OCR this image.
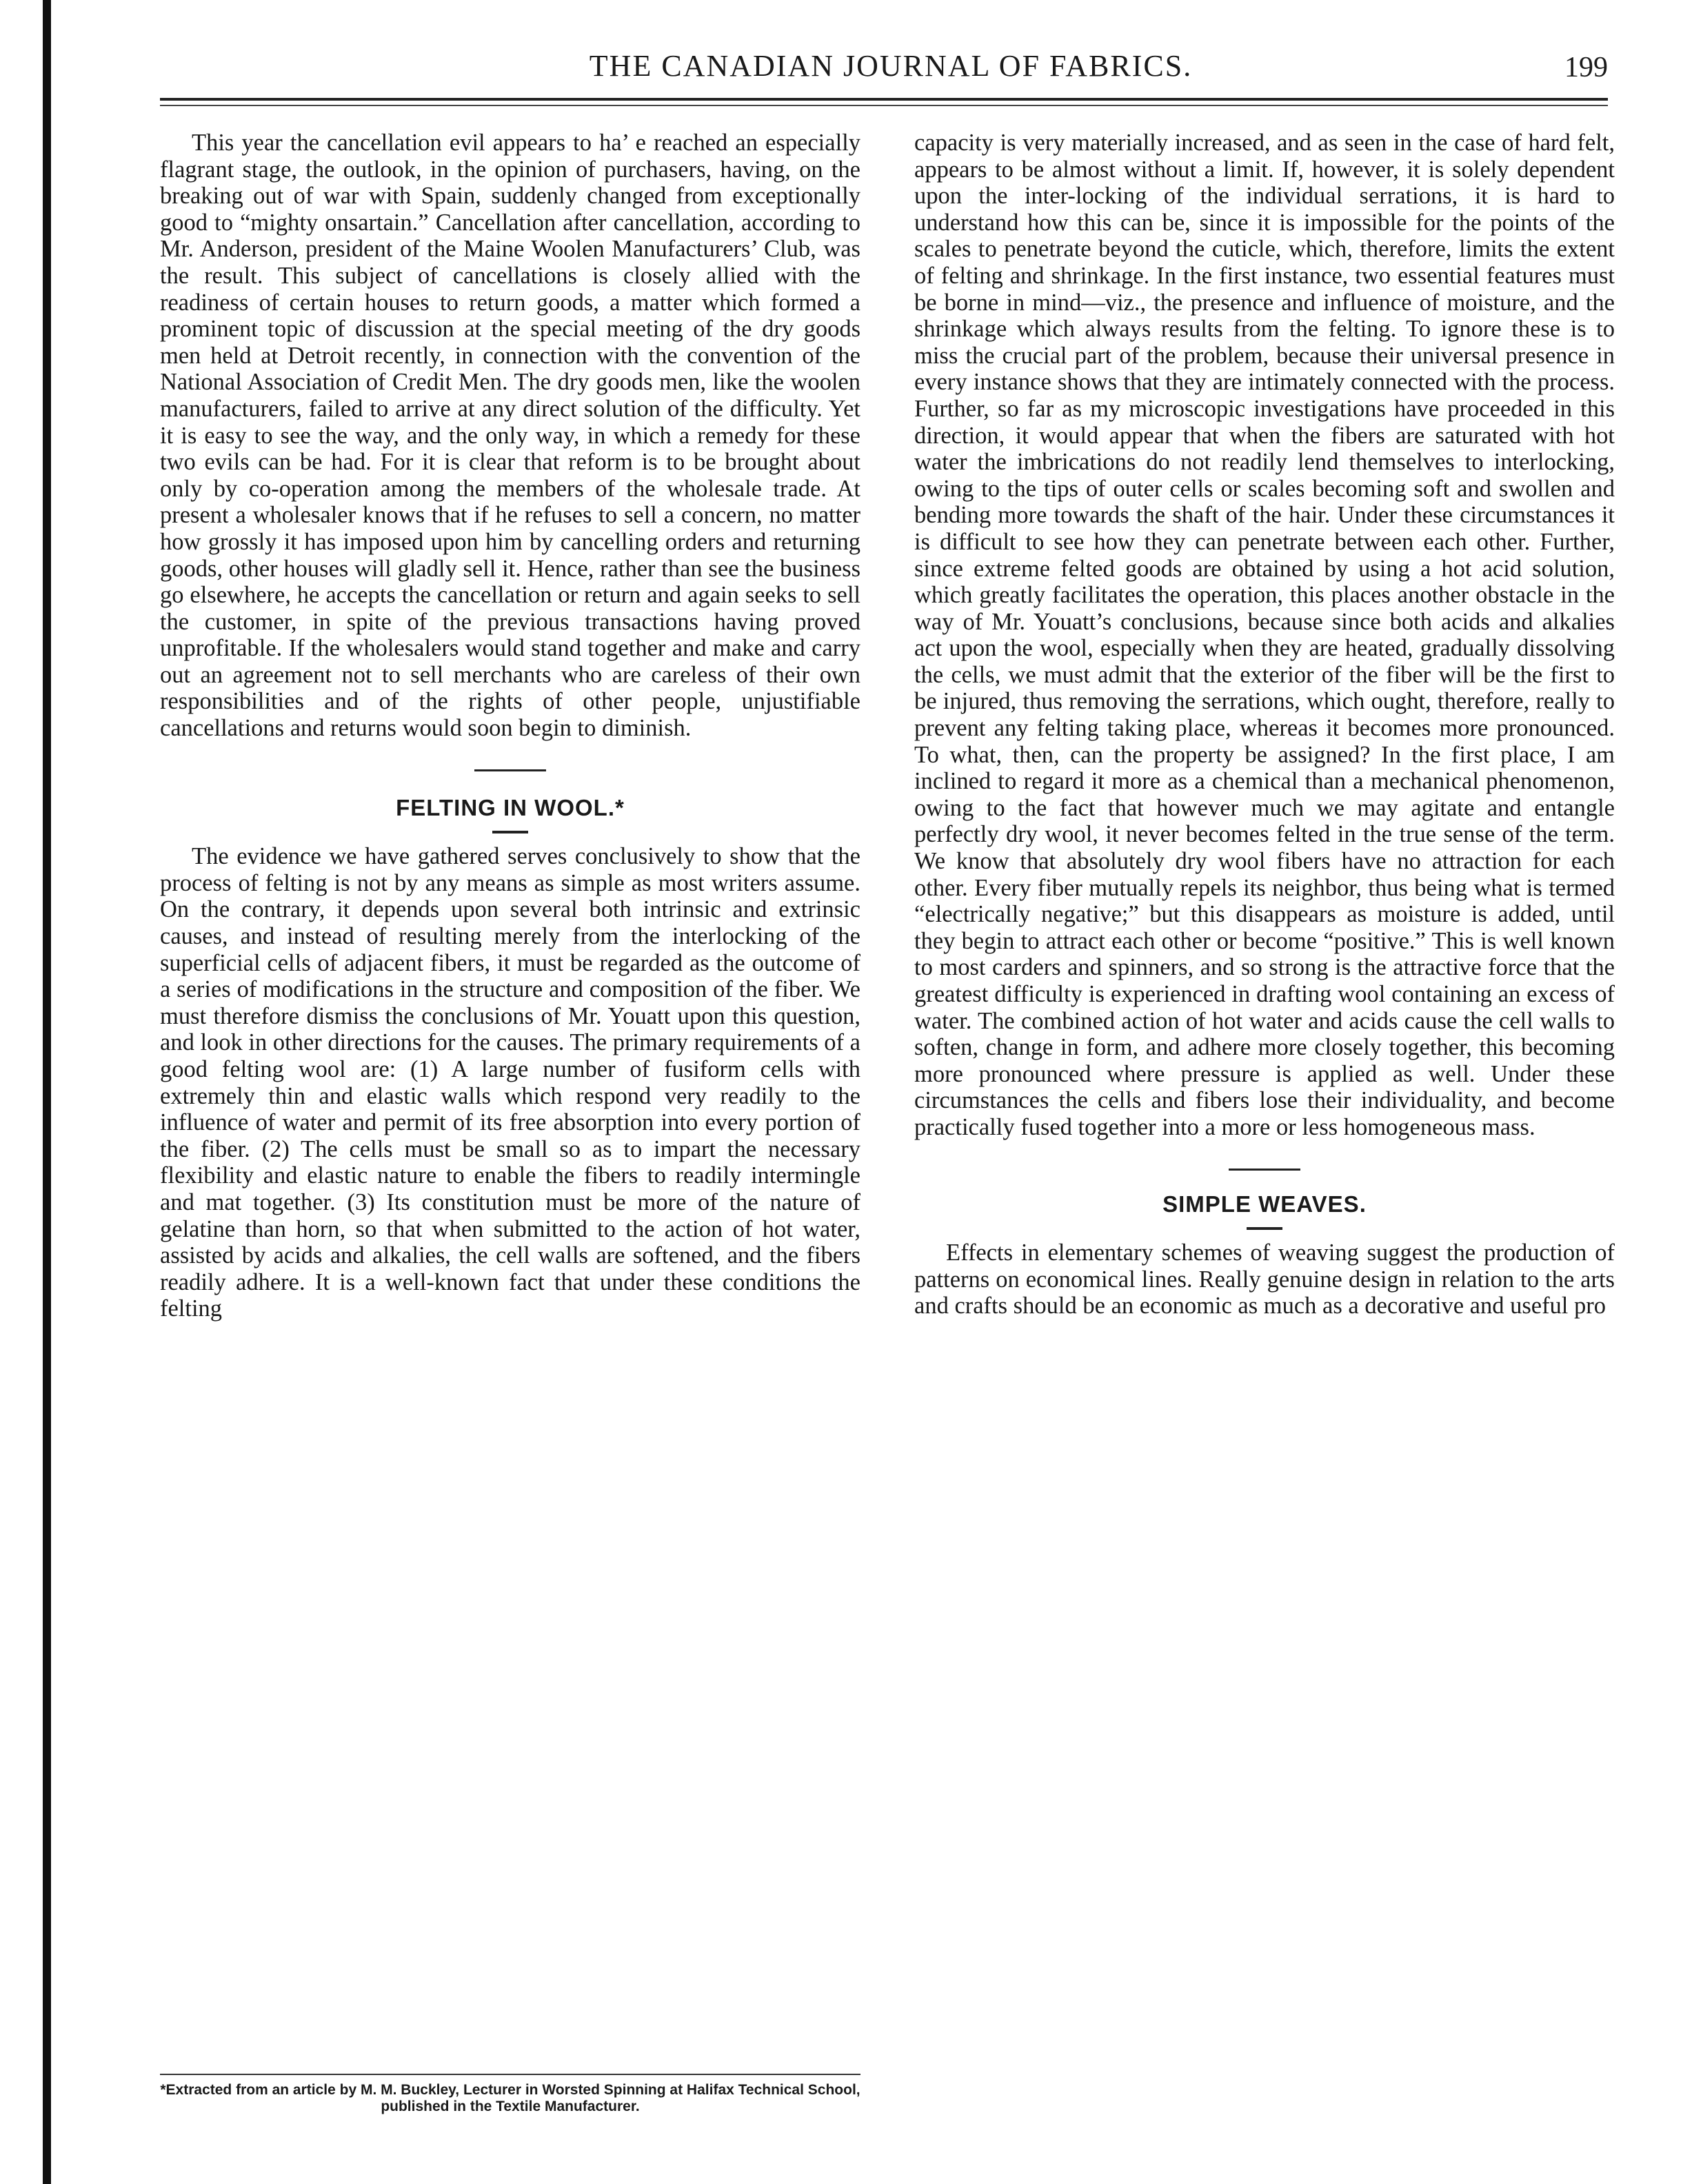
THE CANADIAN JOURNAL OF FABRICS.	199

This year the cancellation evil appears to ha’ e reached an especially flagrant stage, the outlook, in the opinion of purchasers, having, on the breaking out of war with Spain, suddenly changed from exceptionally good to “mighty onsartain.” Cancellation after cancellation, according to Mr. Anderson, president of the Maine Woolen Manufacturers’ Club, was the result. This subject of cancellations is closely allied with the readiness of certain houses to return goods, a matter which formed a prominent topic of discussion at the special meeting of the dry goods men held at Detroit recently, in connection with the convention of the National Association of Credit Men. The dry goods men, like the woolen manufacturers, failed to arrive at any direct solution of the difficulty. Yet it is easy to see the way, and the only way, in which a remedy for these two evils can be had. For it is clear that reform is to be brought about only by co-operation among the members of the wholesale trade. At present a wholesaler knows that if he refuses to sell a concern, no matter how grossly it has imposed upon him by cancelling orders and returning goods, other houses will gladly sell it. Hence, rather than see the business go elsewhere, he accepts the cancellation or return and again seeks to sell the customer, in spite of the previous transactions having proved unprofitable. If the wholesalers would stand together and make and carry out an agreement not to sell merchants who are careless of their own responsibilities and of the rights of other people, unjustifiable cancellations and returns would soon begin to diminish.

FELTING IN WOOL.*

The evidence we have gathered serves conclusively to show that the process of felting is not by any means as simple as most writers assume. On the contrary, it depends upon several both intrinsic and extrinsic causes, and instead of resulting merely from the interlocking of the superficial cells of adjacent fibers, it must be regarded as the outcome of a series of modifications in the structure and composition of the fiber. We must therefore dismiss the conclusions of Mr. Youatt upon this question, and look in other directions for the causes. The primary requirements of a good felting wool are: (1) A large number of fusiform cells with extremely thin and elastic walls which respond very readily to the influence of water and permit of its free absorption into every portion of the fiber. (2) The cells must be small so as to impart the necessary flexibility and elastic nature to enable the fibers to readily intermingle and mat together. (3) Its constitution must be more of the nature of gelatine than horn, so that when submitted to the action of hot water, assisted by acids and alkalies, the cell walls are softened, and the fibers readily adhere. It is a well-known fact that under these conditions the felting

capacity is very materially increased, and as seen in the case of hard felt, appears to be almost without a limit. If, however, it is solely dependent upon the inter-locking of the individual serrations, it is hard to understand how this can be, since it is impossible for the points of the scales to penetrate beyond the cuticle, which, therefore, limits the extent of felting and shrinkage. In the first instance, two essential features must be borne in mind—viz., the presence and influence of moisture, and the shrinkage which always results from the felting. To ignore these is to miss the crucial part of the problem, because their universal presence in every instance shows that they are intimately connected with the process. Further, so far as my microscopic investigations have proceeded in this direction, it would appear that when the fibers are saturated with hot water the imbrications do not readily lend themselves to interlocking, owing to the tips of outer cells or scales becoming soft and swollen and bending more towards the shaft of the hair. Under these circumstances it is difficult to see how they can penetrate between each other. Further, since extreme felted goods are obtained by using a hot acid solution, which greatly facilitates the operation, this places another obstacle in the way of Mr. Youatt’s conclusions, because since both acids and alkalies act upon the wool, especially when they are heated, gradually dissolving the cells, we must admit that the exterior of the fiber will be the first to be injured, thus removing the serrations, which ought, therefore, really to prevent any felting taking place, whereas it becomes more pronounced. To what, then, can the property be assigned? In the first place, I am inclined to regard it more as a chemical than a mechanical phenomenon, owing to the fact that however much we may agitate and entangle perfectly dry wool, it never becomes felted in the true sense of the term. We know that absolutely dry wool fibers have no attraction for each other. Every fiber mutually repels its neighbor, thus being what is termed “electrically negative;” but this disappears as moisture is added, until they begin to attract each other or become “positive.” This is well known to most carders and spinners, and so strong is the attractive force that the greatest difficulty is experienced in drafting wool containing an excess of water. The combined action of hot water and acids cause the cell walls to soften, change in form, and adhere more closely together, this becoming more pronounced where pressure is applied as well. Under these circumstances the cells and fibers lose their individuality, and become practically fused together into a more or less homogeneous mass.

SIMPLE WEAVES.

Effects in elementary schemes of weaving suggest the production of patterns on economical lines. Really genuine design in relation to the arts and crafts should be an economic as much as a decorative and useful pro

*Extracted from an article by M. M. Buckley, Lecturer in Worsted Spinning at Halifax Technical School, published in the Textile Manufacturer.
